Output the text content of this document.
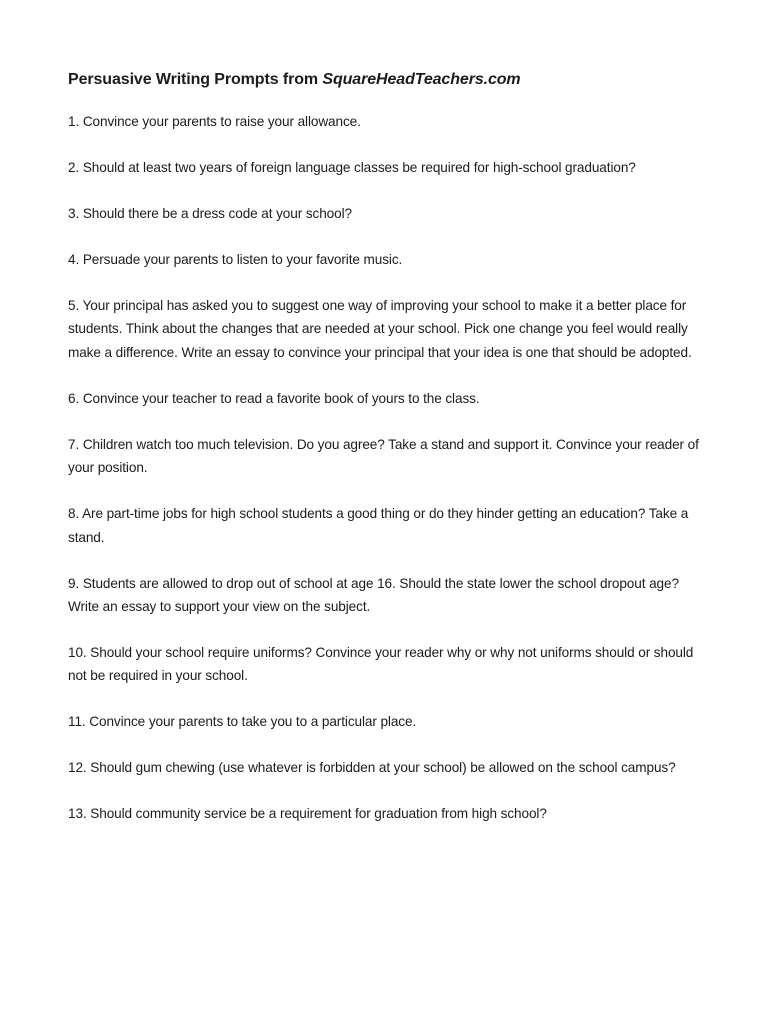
Persuasive Writing Prompts from SquareHeadTeachers.com
1. Convince your parents to raise your allowance.
2. Should at least two years of foreign language classes be required for high-school graduation?
3. Should there be a dress code at your school?
4. Persuade your parents to listen to your favorite music.
5. Your principal has asked you to suggest one way of improving your school to make it a better place for students. Think about the changes that are needed at your school. Pick one change you feel would really make a difference. Write an essay to convince your principal that your idea is one that should be adopted.
6. Convince your teacher to read a favorite book of yours to the class.
7. Children watch too much television. Do you agree? Take a stand and support it. Convince your reader of your position.
8. Are part-time jobs for high school students a good thing or do they hinder getting an education? Take a stand.
9. Students are allowed to drop out of school at age 16. Should the state lower the school dropout age? Write an essay to support your view on the subject.
10. Should your school require uniforms? Convince your reader why or why not uniforms should or should not be required in your school.
11. Convince your parents to take you to a particular place.
12. Should gum chewing (use whatever is forbidden at your school) be allowed on the school campus?
13. Should community service be a requirement for graduation from high school?
